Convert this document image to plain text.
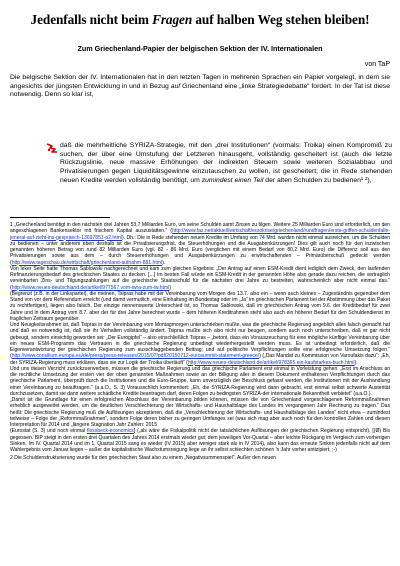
Jedenfalls nicht beim Fragen auf halben Weg stehen bleiben!
Zum Griechenland-Papier der belgischen Sektion der IV. Internationalen
von TaP
Die belgische Sektion der IV. Internationalen hat in den letzten Tagen in mehreren Sprachen ein Papier vorgelegt, in dem sie angesichts der jüngsten Entwicklung in und in Bezug auf Griechenland eine „linke Strategiedebatte“ fordert. In der Tat ist diese notwendig. Denn so klar ist,
daß die mehrheitliche SYRIZA-Strategie, mit den „drei Institutionen“ (vormals: Troika) einen Kompromiß zu suchen, der über eine Umstufung der Letzteren hinausgeht, vollständig gescheitert ist (auch die letzte Rückzugslinie, neue massive Erhöhungen der indirekten Steuern sowie weiteren Sozialabbau und Privatisierungen gegen Liquiditätsgewinne einzutauschen zu wollen, ist gescheitert; die in Rede stehenden neuen Kredite werden vollständig benötigt, um zumindest einen Teil der alten Schulden zu bedienen¹ ²),

1 „Griechenland benötigt in den nächsten drei Jahren 53,7 Milliarden Euro, um seine Schulden samt Zinsen zu tilgen. Weitere 25 Milliarden Euro sind erforderlich, um den angeschlagenen Bankensektor mit frischem Kapital auszustatten.“ (http://www.faz.net/aktuell/wirtschaft/eurokrise/griechenland/rundfragen/erste-griffen-schuldenfalle-jeneral-auf-zieht-ins-gespraech-13697851-p2.html). Dh.: Die in Rede stehenden neuen Kredite im Umfang von 74 Mrd. wurden nicht einmal ausreichen, um die Schulden zu bedienen – unter anderem eben deshalb ist die Privatisierungsfrist, die Steuerhöhungen und die Ausgabenkürzungen! Dies gilt auch noch für den inzwischen genannten höheren Betrag von rund 82 Milliarden Euro (vgl. 82 - 86 Mrd. Euro (verglichen mit einem Bedarf von 80,2 Mrd. Euro) die Differenz soll aus den Privatisierungen sowie aus dem – durch Steuererhöhungen und Ausgabenkürzungen zu erwirtschaftenden – Primärüberschuß gedeckt werden (http://www.tageschau.de/wirtschaft/griechenland-aufnahm-881.html).

Von leker Seite hatte Thomas Sablowski nachgerechnet und kam zum gleichen Ergebnis: „Der Antrag auf einen ESM-Kredit dient lediglich dem Zweck, den laufenden Refinanzierungsbedarf des griechischen Staates zu decken. [...] Im besten Fall würde ein ESM-Kredit in der genannten Höhe also gerade dazu reichen, die vertraglich vereinbarten Zins- und Tilgungszahlungen auf die griechische Staatsschuld für die nächsten drei Jahre zu bestreiten, wahrscheinlich aber nicht einmal das.“ (http://www.neues-deutschland.de/artikel/977567.vom-iwra-zum-iw.html)

(Begrenzt (z.B. in der Linkspartei), die meinen, Tsipras habe mit der Vereinbarung vom Morgen des 13.7. also ein – wenn auch kleines – Zugeständnis gegenüber dem Stand von vor dem Referendum erreicht (und damit vermutlich, eine Einhaltung im Bundestag oder im „Ja“ im griechischen Parlament bei der Abstimmung über das Paket zu rechtfertigen), liegen also falsch. Der einzige nennenswerte Unterschied ist, so Thomas Sablowski, daß im griechischen Antrag vom 9.6. der Kreditbedarf für zwei Jahre und in dem Antrag vom 8.7. aber der für drei Jahre berechnet wurde – dem höheren Kreditrahmen steht also auch ein höherer Bedarf für den Schuldendienst im fraglichen Zeitraum gegenüber.

Und Neuigkeitsrahmen ist, daß Tsipras in der Vereinbarung vom Montagmorgen unterschrieben mußte, was die griechische Regierung angeblich alles falsch gemacht hat und daß es notwendig ist, daß sie ihr Verhalten vollständig ändert. Tsipras mußte sich also nicht nur beugen, sondern auch noch unterschreiben, daß er gar nicht gebeugt, sondern einsichtig geworden sei: „Der Eurogipfel“ – also einschließlich Tsipras – „betont, dass ein Vorauszeuchung für eine mögliche künftige Vereinbarung über ein neues ESM-Programm das Vertrauen in die griechische Regierung unbedingt wiederhergestellt werden muss. Es ist unbedingt erforderlich, daß die Eigenverantwortung der griechischen Regierung zum ausschlaggebenden Beitrag; und auf politische Verpflichtungen sollte eine erfolgreiche Umsetzung folgen.“ (http://www.consilium.europa.eu/de/press/press-releases/2015/07/pdf/20150712-eurosummit-statement-greece/) („Das Mandat zu Kommission von Varoufakis dazu“: „Eh, der SYRIZA-Regierung muss erklären, dass sie zur Logik der Troika überläuft“ (http://www.neues-deutschland.de/artikel/978365.ein-kaufstarkes-buch.html).

Und uns diesen Verzicht zurückzuerwerben, müssen die griechische Regierung und das griechische Parlament erst einmal in Vorleistung gehen. „Erst im Anschluss an die rechtliche Umsetzung der ersten vier der oben genannten Maßnahmen sowie an der Billigung aller in diesem Dokument enthaltenen Verpflichtungen durch das griechische Parlament, überprüft durch die Institutionen und die Euro-Gruppe, kann unverzüglich der Beschluss gefasst werden, die Institutionen mit der Aushandlung einer Vereinbarung zu beauftragen.“ (a.a.O., S. 3) Vorausschlich kommentiert: „Eh, die SYRIZA-Regierung wird dann gebracht, erst einmal selbst schwerte Austerität durchzusetzen, damit sie dann weitere schädliche Kredite beantragen darf, deren Folgen zu bedingsten SYRIZA-der internationale Bekanntheit verbietet“ (a.a.O.).

„Damit ist die Grundlage für einen erfolgreichen Abschluss der Vereinbarung bilden können, müssen die von Griechenland vorgeschlagenen Reformmaßnahmen erheblich ausgeweitet werden, um die deutlichen Verschlechterung der Wirtschafts- und Haushaltslage des Landes im vergangenen Jahr Rechnung zu tragen.“ Das heißt: Die griechische Regierung muß die Auflösungen akzeptieren, daß die „Verschlechterung der Wirtschafts- und Haushaltslage des Landes“ nicht etwa – zumindest teilweise – Folge der „Reformmaßnahmen“, sondern Folge deren bisher zu geringen Umfanges sei (was sich mag aber auch noch für den kontrollen Zahlen und diesen Interpretation für 2014 und „längere Stagnation Jahr Zahlen: 2015

(Eurostat (S. 3) und noch einmal flossbeck-economics] („als wäre die Fiskalpolitik nicht der tatsächlichen Auflösungen der griechischen Regierung entspricht). [(Ø) Bis gegessen. BIP steigt in den ersten drei Quartalen des Jahres 2014 erstmals wieder gut; dem jeweiligen Vor-Quartal – aber leichte Rückgang im Vergleich zum vorherigen Sinken. Im IV. Quartal 2014 und im 1. Quartal 2015 sang es wieder (IV 2015) aber weniger stark als in IV 2014), also kann das erneute Sinken jedenfalls nicht auf dem Wahlergebnis vom Januar liegen – außer die kapitalistische Wachstumsreigung liege an ihr selbst schlechten schönen 'n Jahr vorher antizipiert, ;-)

2 Die Schuldenstrukturierung wurde für den griechischen Staat also zu einem „Negativsummenspiel“. Außer den neuen
